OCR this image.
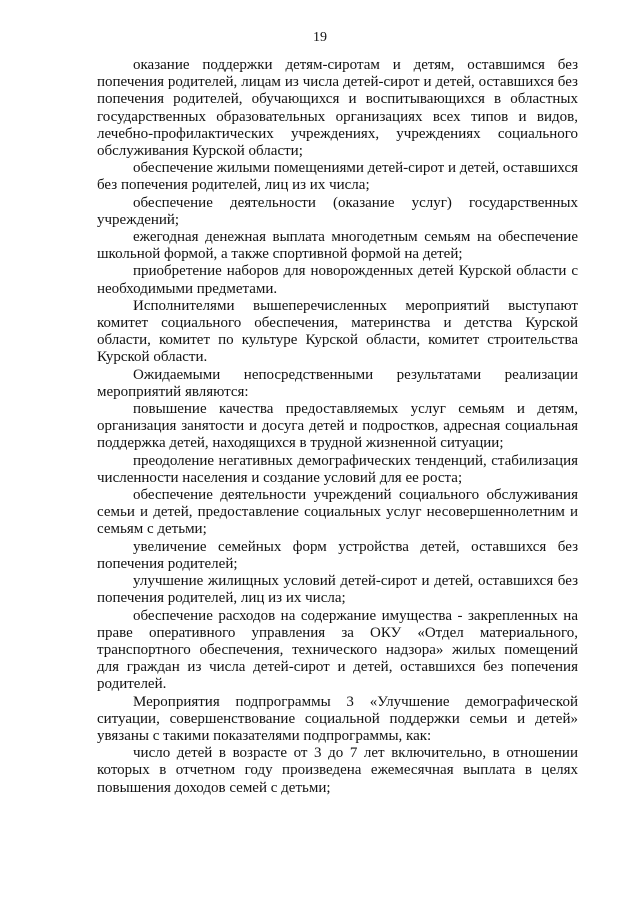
19

оказание поддержки детям-сиротам и детям, оставшимся без попечения родителей, лицам из числа детей-сирот и детей, оставшихся без попечения родителей, обучающихся и воспитывающихся в областных государственных образовательных организациях всех типов и видов, лечебно-профилактических учреждениях, учреждениях социального обслуживания Курской области;

обеспечение жилыми помещениями детей-сирот и детей, оставшихся без попечения родителей, лиц из их числа;

обеспечение деятельности (оказание услуг) государственных учреждений;

ежегодная денежная выплата многодетным семьям на обеспечение школьной формой, а также спортивной формой на детей;

приобретение наборов для новорожденных детей Курской области с необходимыми предметами.

Исполнителями вышеперечисленных мероприятий выступают комитет социального обеспечения, материнства и детства Курской области, комитет по культуре Курской области, комитет строительства Курской области.

Ожидаемыми непосредственными результатами реализации мероприятий являются:

повышение качества предоставляемых услуг семьям и детям, организация занятости и досуга детей и подростков, адресная социальная поддержка детей, находящихся в трудной жизненной ситуации;

преодоление негативных демографических тенденций, стабилизация численности населения и создание условий для ее роста;

обеспечение деятельности учреждений социального обслуживания семьи и детей, предоставление социальных услуг несовершеннолетним и семьям с детьми;

увеличение семейных форм устройства детей, оставшихся без попечения родителей;

улучшение жилищных условий детей-сирот и детей, оставшихся без попечения родителей, лиц из их числа;

обеспечение расходов на содержание имущества - закрепленных на праве оперативного управления за ОКУ «Отдел материального, транспортного обеспечения, технического надзора» жилых помещений для граждан из числа детей-сирот и детей, оставшихся без попечения родителей.

Мероприятия подпрограммы 3 «Улучшение демографической ситуации, совершенствование социальной поддержки семьи и детей» увязаны с такими показателями подпрограммы, как:

число детей в возрасте от 3 до 7 лет включительно, в отношении которых в отчетном году произведена ежемесячная выплата в целях повышения доходов семей с детьми;
